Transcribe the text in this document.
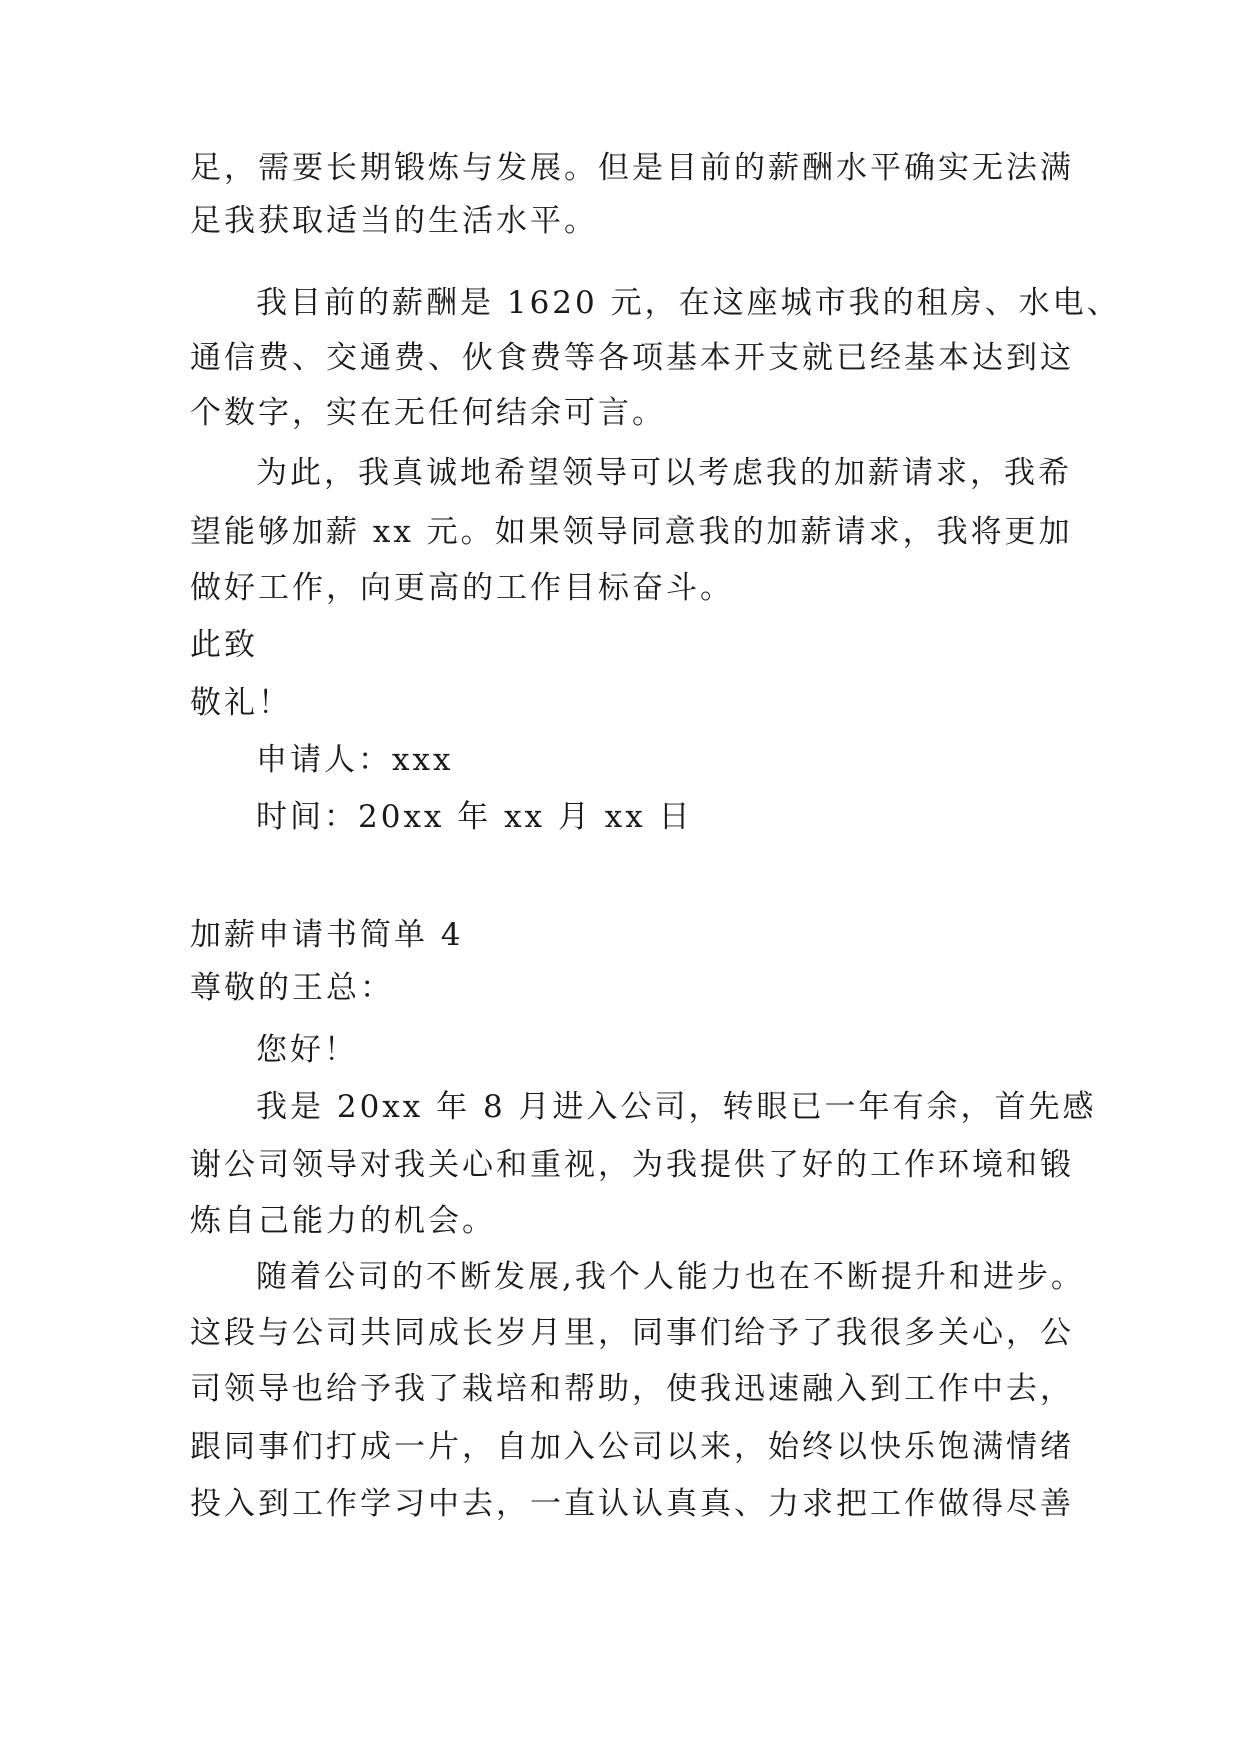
足，需要长期锻炼与发展。但是目前的薪酬水平确实无法满
足我获取适当的生活水平。
我目前的薪酬是 1620 元，在这座城市我的租房、水电、
通信费、交通费、伙食费等各项基本开支就已经基本达到这
个数字，实在无任何结余可言。
为此，我真诚地希望领导可以考虑我的加薪请求，我希
望能够加薪 xx 元。如果领导同意我的加薪请求，我将更加
做好工作，向更高的工作目标奋斗。
此致
敬礼！
申请人：xxx
时间：20xx 年 xx 月 xx 日
加薪申请书简单 4
尊敬的王总：
您好！
我是 20xx 年 8 月进入公司，转眼已一年有余，首先感
谢公司领导对我关心和重视，为我提供了好的工作环境和锻
炼自己能力的机会。
随着公司的不断发展,我个人能力也在不断提升和进步。
这段与公司共同成长岁月里，同事们给予了我很多关心，公
司领导也给予我了栽培和帮助，使我迅速融入到工作中去，
跟同事们打成一片，自加入公司以来，始终以快乐饱满情绪
投入到工作学习中去，一直认认真真、力求把工作做得尽善
